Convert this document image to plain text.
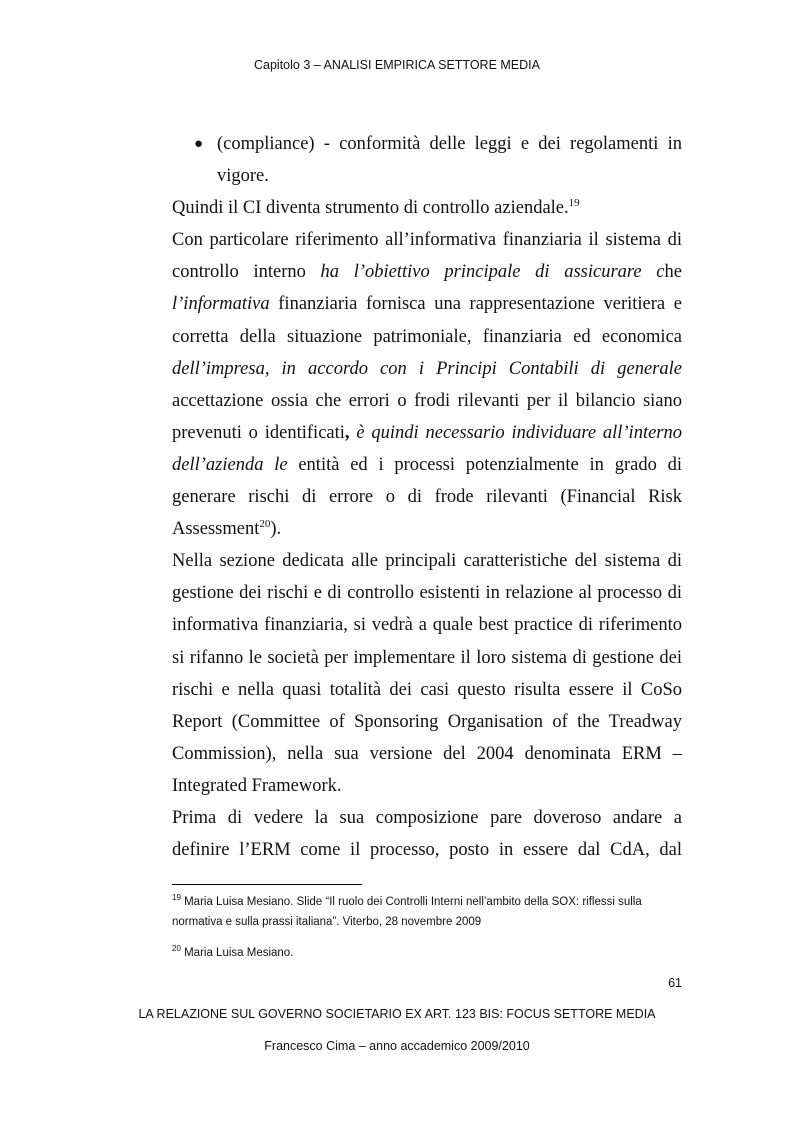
Capitolo 3 – ANALISI EMPIRICA SETTORE MEDIA
● (compliance) - conformità delle leggi e dei regolamenti in
vigore.
Quindi il CI diventa strumento di controllo aziendale.$^{19}$
Con particolare riferimento all’informativa finanziaria il sistema di
controllo interno ha l’obiettivo principale di assicurare che
l’informativa finanziaria fornisca una rappresentazione veritiera e
corretta della situazione patrimoniale, finanziaria ed economica
dell’impresa, in accordo con i Principi Contabili di generale
accettazione ossia che errori o frodi rilevanti per il bilancio siano
prevenuti o identificati, è quindi necessario individuare all’interno
dell’azienda le entità ed i processi potenzialmente in grado di
generare rischi di errore o di frode rilevanti (Financial Risk
Assessment$^{20}$).
Nella sezione dedicata alle principali caratteristiche del sistema di
gestione dei rischi e di controllo esistenti in relazione al processo di
informativa finanziaria, si vedrà a quale best practice di riferimento
si rifanno le società per implementare il loro sistema di gestione dei
rischi e nella quasi totalità dei casi questo risulta essere il CoSo
Report (Committee of Sponsoring Organisation of the Treadway
Commission), nella sua versione del 2004 denominata ERM –
Integrated Framework.
Prima di vedere la sua composizione pare doveroso andare a
definire l’ERM come il processo, posto in essere dal CdA, dal
$^{19}$ Maria Luisa Mesiano. Slide “Il ruolo dei Controlli Interni nell’ambito della SOX: riflessi sulla
normativa e sulla prassi italiana”. Viterbo, 28 novembre 2009
$^{20}$ Maria Luisa Mesiano.
61
LA RELAZIONE SUL GOVERNO SOCIETARIO EX ART. 123 BIS: FOCUS SETTORE MEDIA
Francesco Cima – anno accademico 2009/2010
